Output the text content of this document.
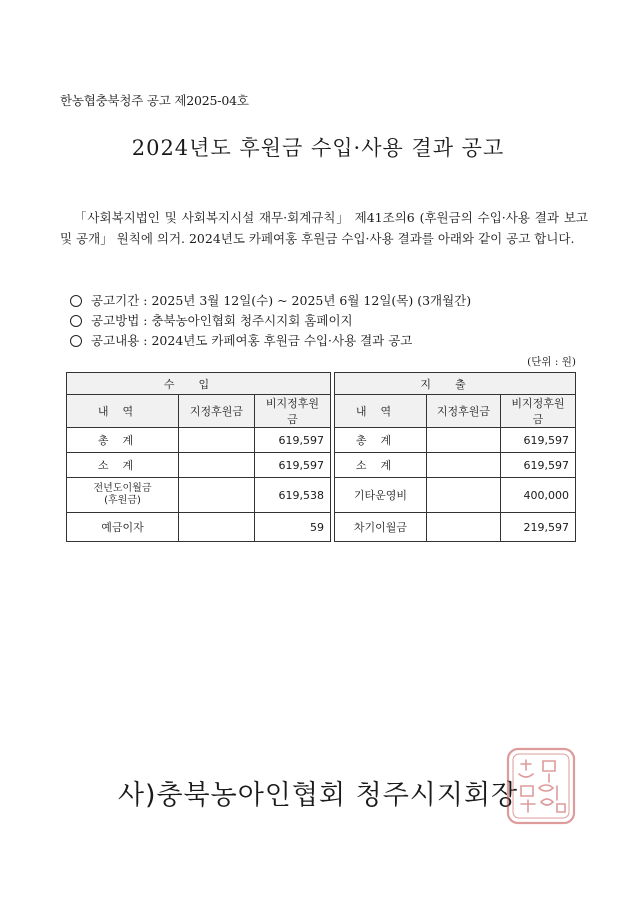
한농협충북청주 공고 제2025-04호
2024년도 후원금 수입·사용 결과 공고

「사회복지법인 및 사회복지시설 재무·회계규칙」 제41조의6 (후원금의 수입·사용 결과 보고 및 공개」 원칙에 의거. 2024년도 카페여홍 후원금 수입·사용 결과를 아래와 같이 공고 합니다.

공고기간 : 2025년 3월 12일(수) ~ 2025년 6월 12일(목) (3개월간)
공고방법 : 충북농아인협회 청주시지회 홈페이지
공고내용 : 2024년도 카페여홍 후원금 수입·사용 결과 공고
(단위 : 원)
수입				지출		
내역	지정후원금	비지정후원금		내역	지정후원금	비지정후원금
총계		619,597		총계		619,597
소계		619,597		소계		619,597
전년도이월금
(후원금)		619,538		기타운영비		400,000
예금이자		59		차기이월금		219,597
사)충북농아인협회 청주시지회장
